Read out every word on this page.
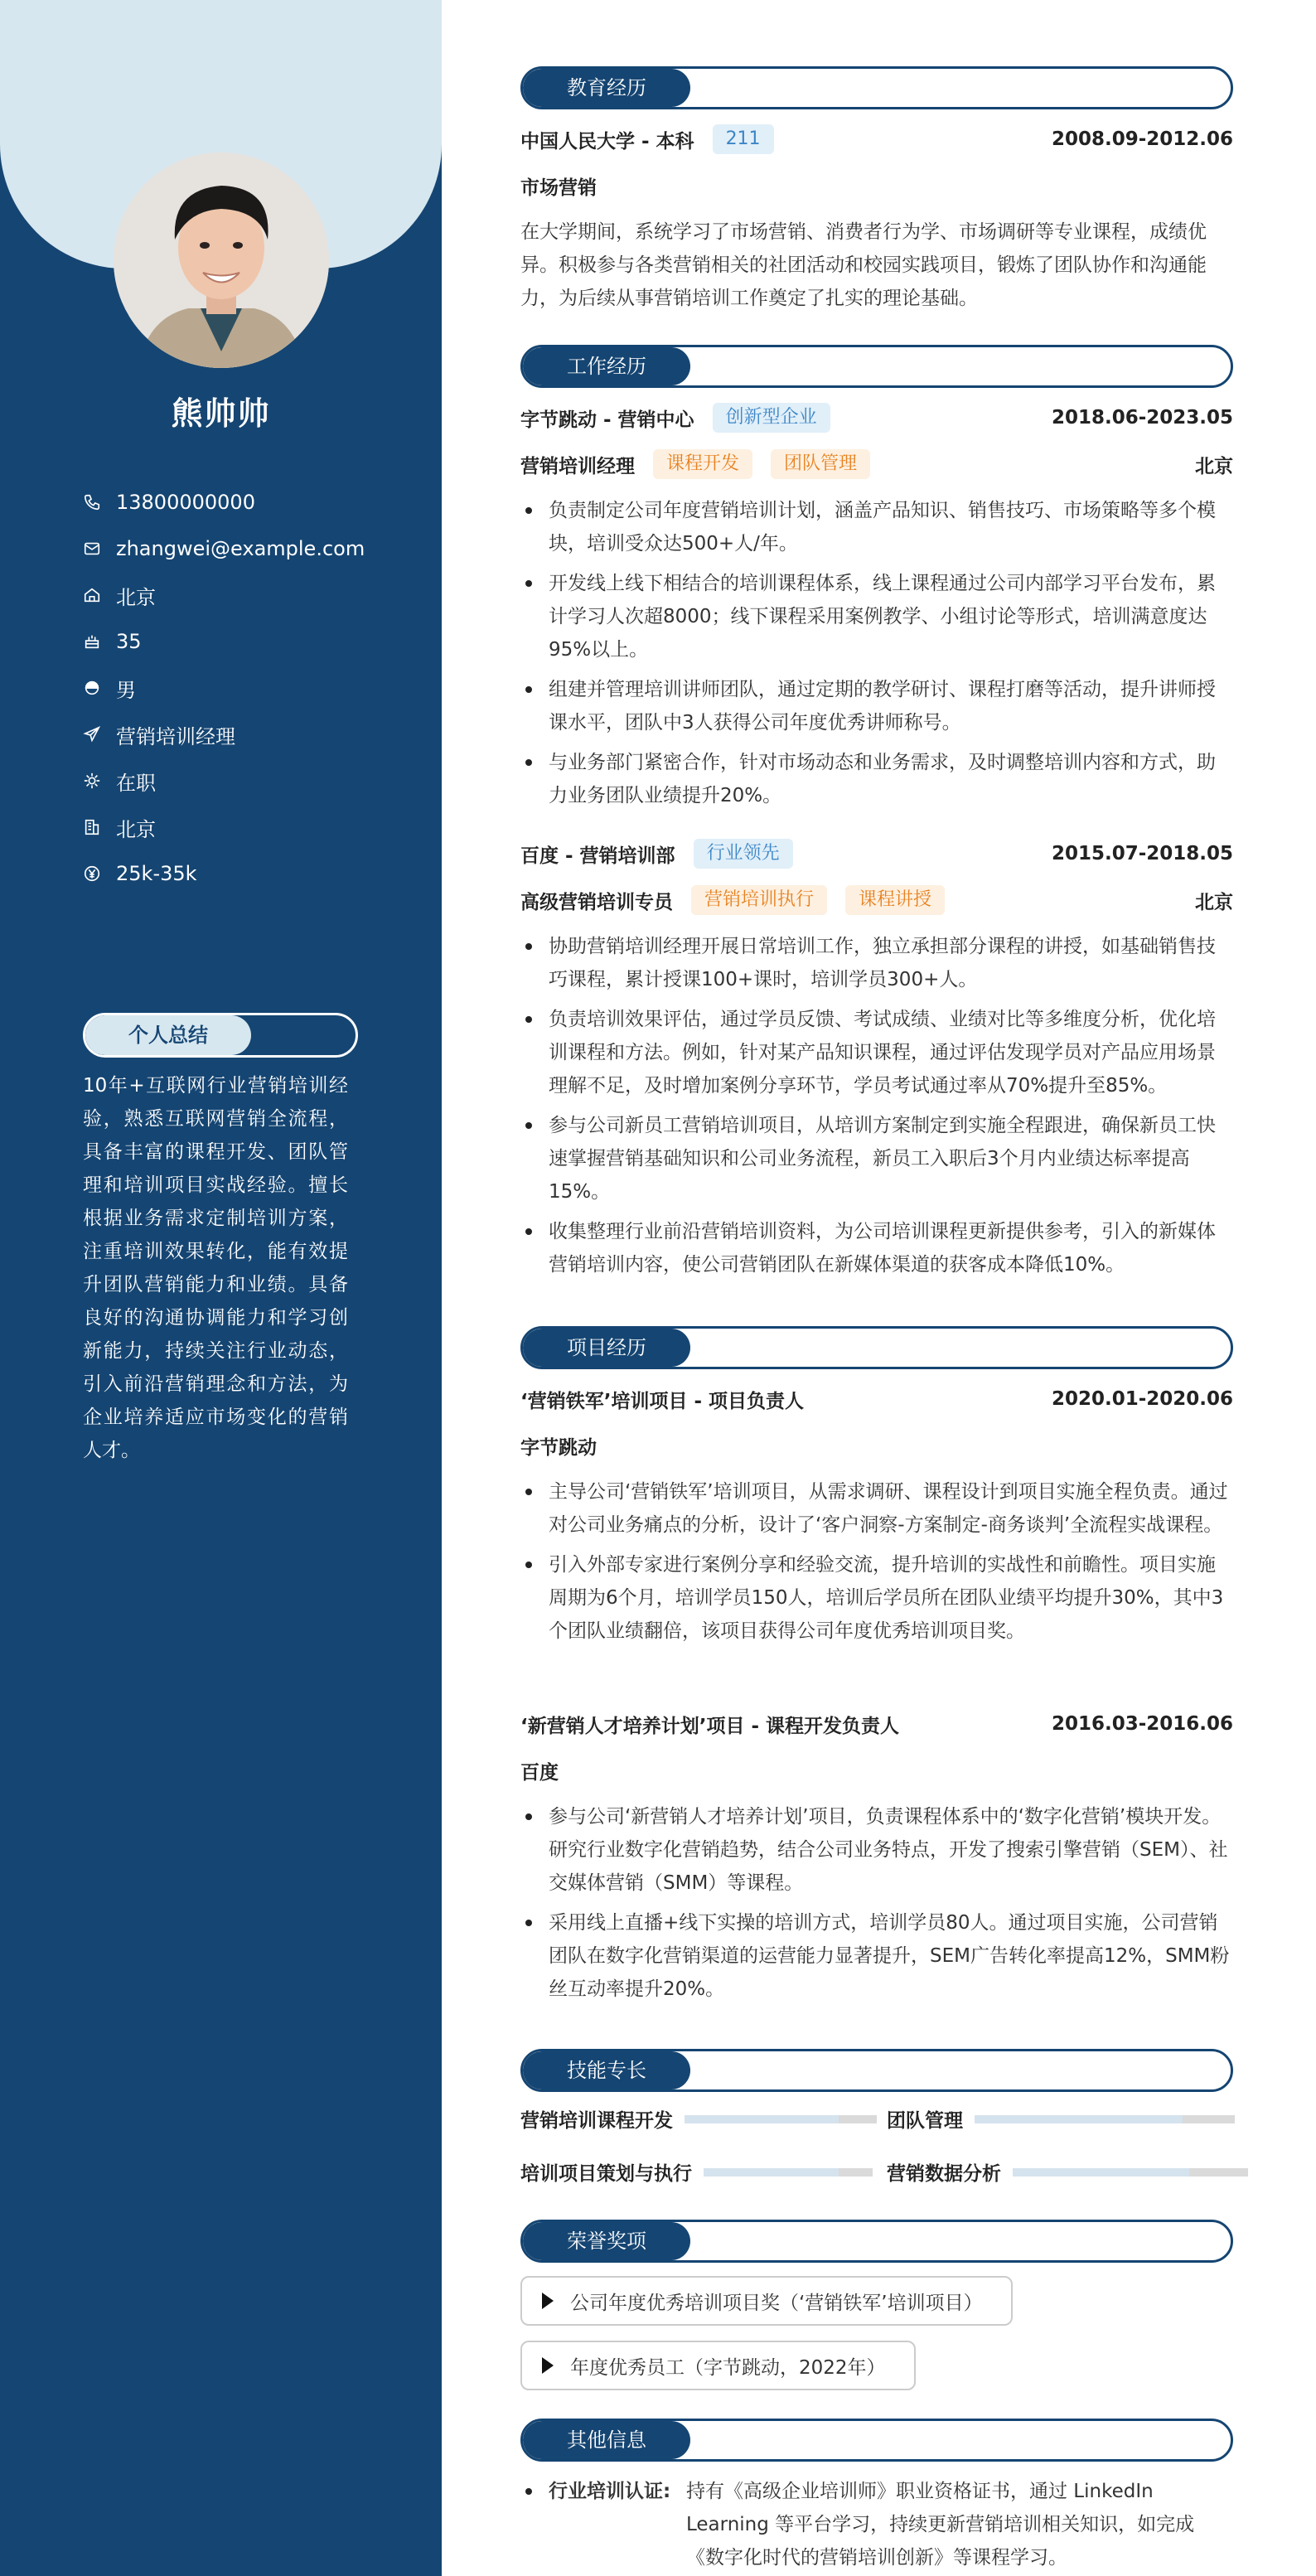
熊帅帅
13800000000
zhangwei@example.com
北京
35
男
营销培训经理
在职
北京
25k-35k
个人总结
10年+互联网行业营销培训经验，熟悉互联网营销全流程，具备丰富的课程开发、团队管理和培训项目实战经验。擅长根据业务需求定制培训方案，注重培训效果转化，能有效提升团队营销能力和业绩。具备良好的沟通协调能力和学习创新能力，持续关注行业动态，引入前沿营销理念和方法，为企业培养适应市场变化的营销人才。
教育经历
中国人民大学 - 本科	211	2008.09-2012.06
市场营销
在大学期间，系统学习了市场营销、消费者行为学、市场调研等专业课程，成绩优异。积极参与各类营销相关的社团活动和校园实践项目，锻炼了团队协作和沟通能力，为后续从事营销培训工作奠定了扎实的理论基础。
工作经历
字节跳动 - 营销中心	创新型企业	2018.06-2023.05
营销培训经理	课程开发	团队管理	北京
负责制定公司年度营销培训计划，涵盖产品知识、销售技巧、市场策略等多个模块，培训受众达500+人/年。
开发线上线下相结合的培训课程体系，线上课程通过公司内部学习平台发布，累计学习人次超8000；线下课程采用案例教学、小组讨论等形式，培训满意度达95%以上。
组建并管理培训讲师团队，通过定期的教学研讨、课程打磨等活动，提升讲师授课水平，团队中3人获得公司年度优秀讲师称号。
与业务部门紧密合作，针对市场动态和业务需求，及时调整培训内容和方式，助力业务团队业绩提升20%。
百度 - 营销培训部	行业领先	2015.07-2018.05
高级营销培训专员	营销培训执行	课程讲授	北京
协助营销培训经理开展日常培训工作，独立承担部分课程的讲授，如基础销售技巧课程，累计授课100+课时，培训学员300+人。
负责培训效果评估，通过学员反馈、考试成绩、业绩对比等多维度分析，优化培训课程和方法。例如，针对某产品知识课程，通过评估发现学员对产品应用场景理解不足，及时增加案例分享环节，学员考试通过率从70%提升至85%。
参与公司新员工营销培训项目，从培训方案制定到实施全程跟进，确保新员工快速掌握营销基础知识和公司业务流程，新员工入职后3个月内业绩达标率提高15%。
收集整理行业前沿营销培训资料，为公司培训课程更新提供参考，引入的新媒体营销培训内容，使公司营销团队在新媒体渠道的获客成本降低10%。
项目经历
‘营销铁军’培训项目 - 项目负责人	2020.01-2020.06
字节跳动
主导公司‘营销铁军’培训项目，从需求调研、课程设计到项目实施全程负责。通过对公司业务痛点的分析，设计了‘客户洞察-方案制定-商务谈判’全流程实战课程。
引入外部专家进行案例分享和经验交流，提升培训的实战性和前瞻性。项目实施周期为6个月，培训学员150人，培训后学员所在团队业绩平均提升30%，其中3个团队业绩翻倍，该项目获得公司年度优秀培训项目奖。
‘新营销人才培养计划’项目 - 课程开发负责人	2016.03-2016.06
百度
参与公司‘新营销人才培养计划’项目，负责课程体系中的‘数字化营销’模块开发。研究行业数字化营销趋势，结合公司业务特点，开发了搜索引擎营销（SEM）、社交媒体营销（SMM）等课程。
采用线上直播+线下实操的培训方式，培训学员80人。通过项目实施，公司营销团队在数字化营销渠道的运营能力显著提升，SEM广告转化率提高12%，SMM粉丝互动率提升20%。
技能专长
营销培训课程开发	团队管理
培训项目策划与执行	营销数据分析
荣誉奖项
公司年度优秀培训项目奖（‘营销铁军’培训项目）
年度优秀员工（字节跳动，2022年）
其他信息
行业培训认证: 持有《高级企业培训师》职业资格证书，通过 LinkedIn Learning 等平台学习，持续更新营销培训相关知识，如完成《数字化时代的营销培训创新》等课程学习。
